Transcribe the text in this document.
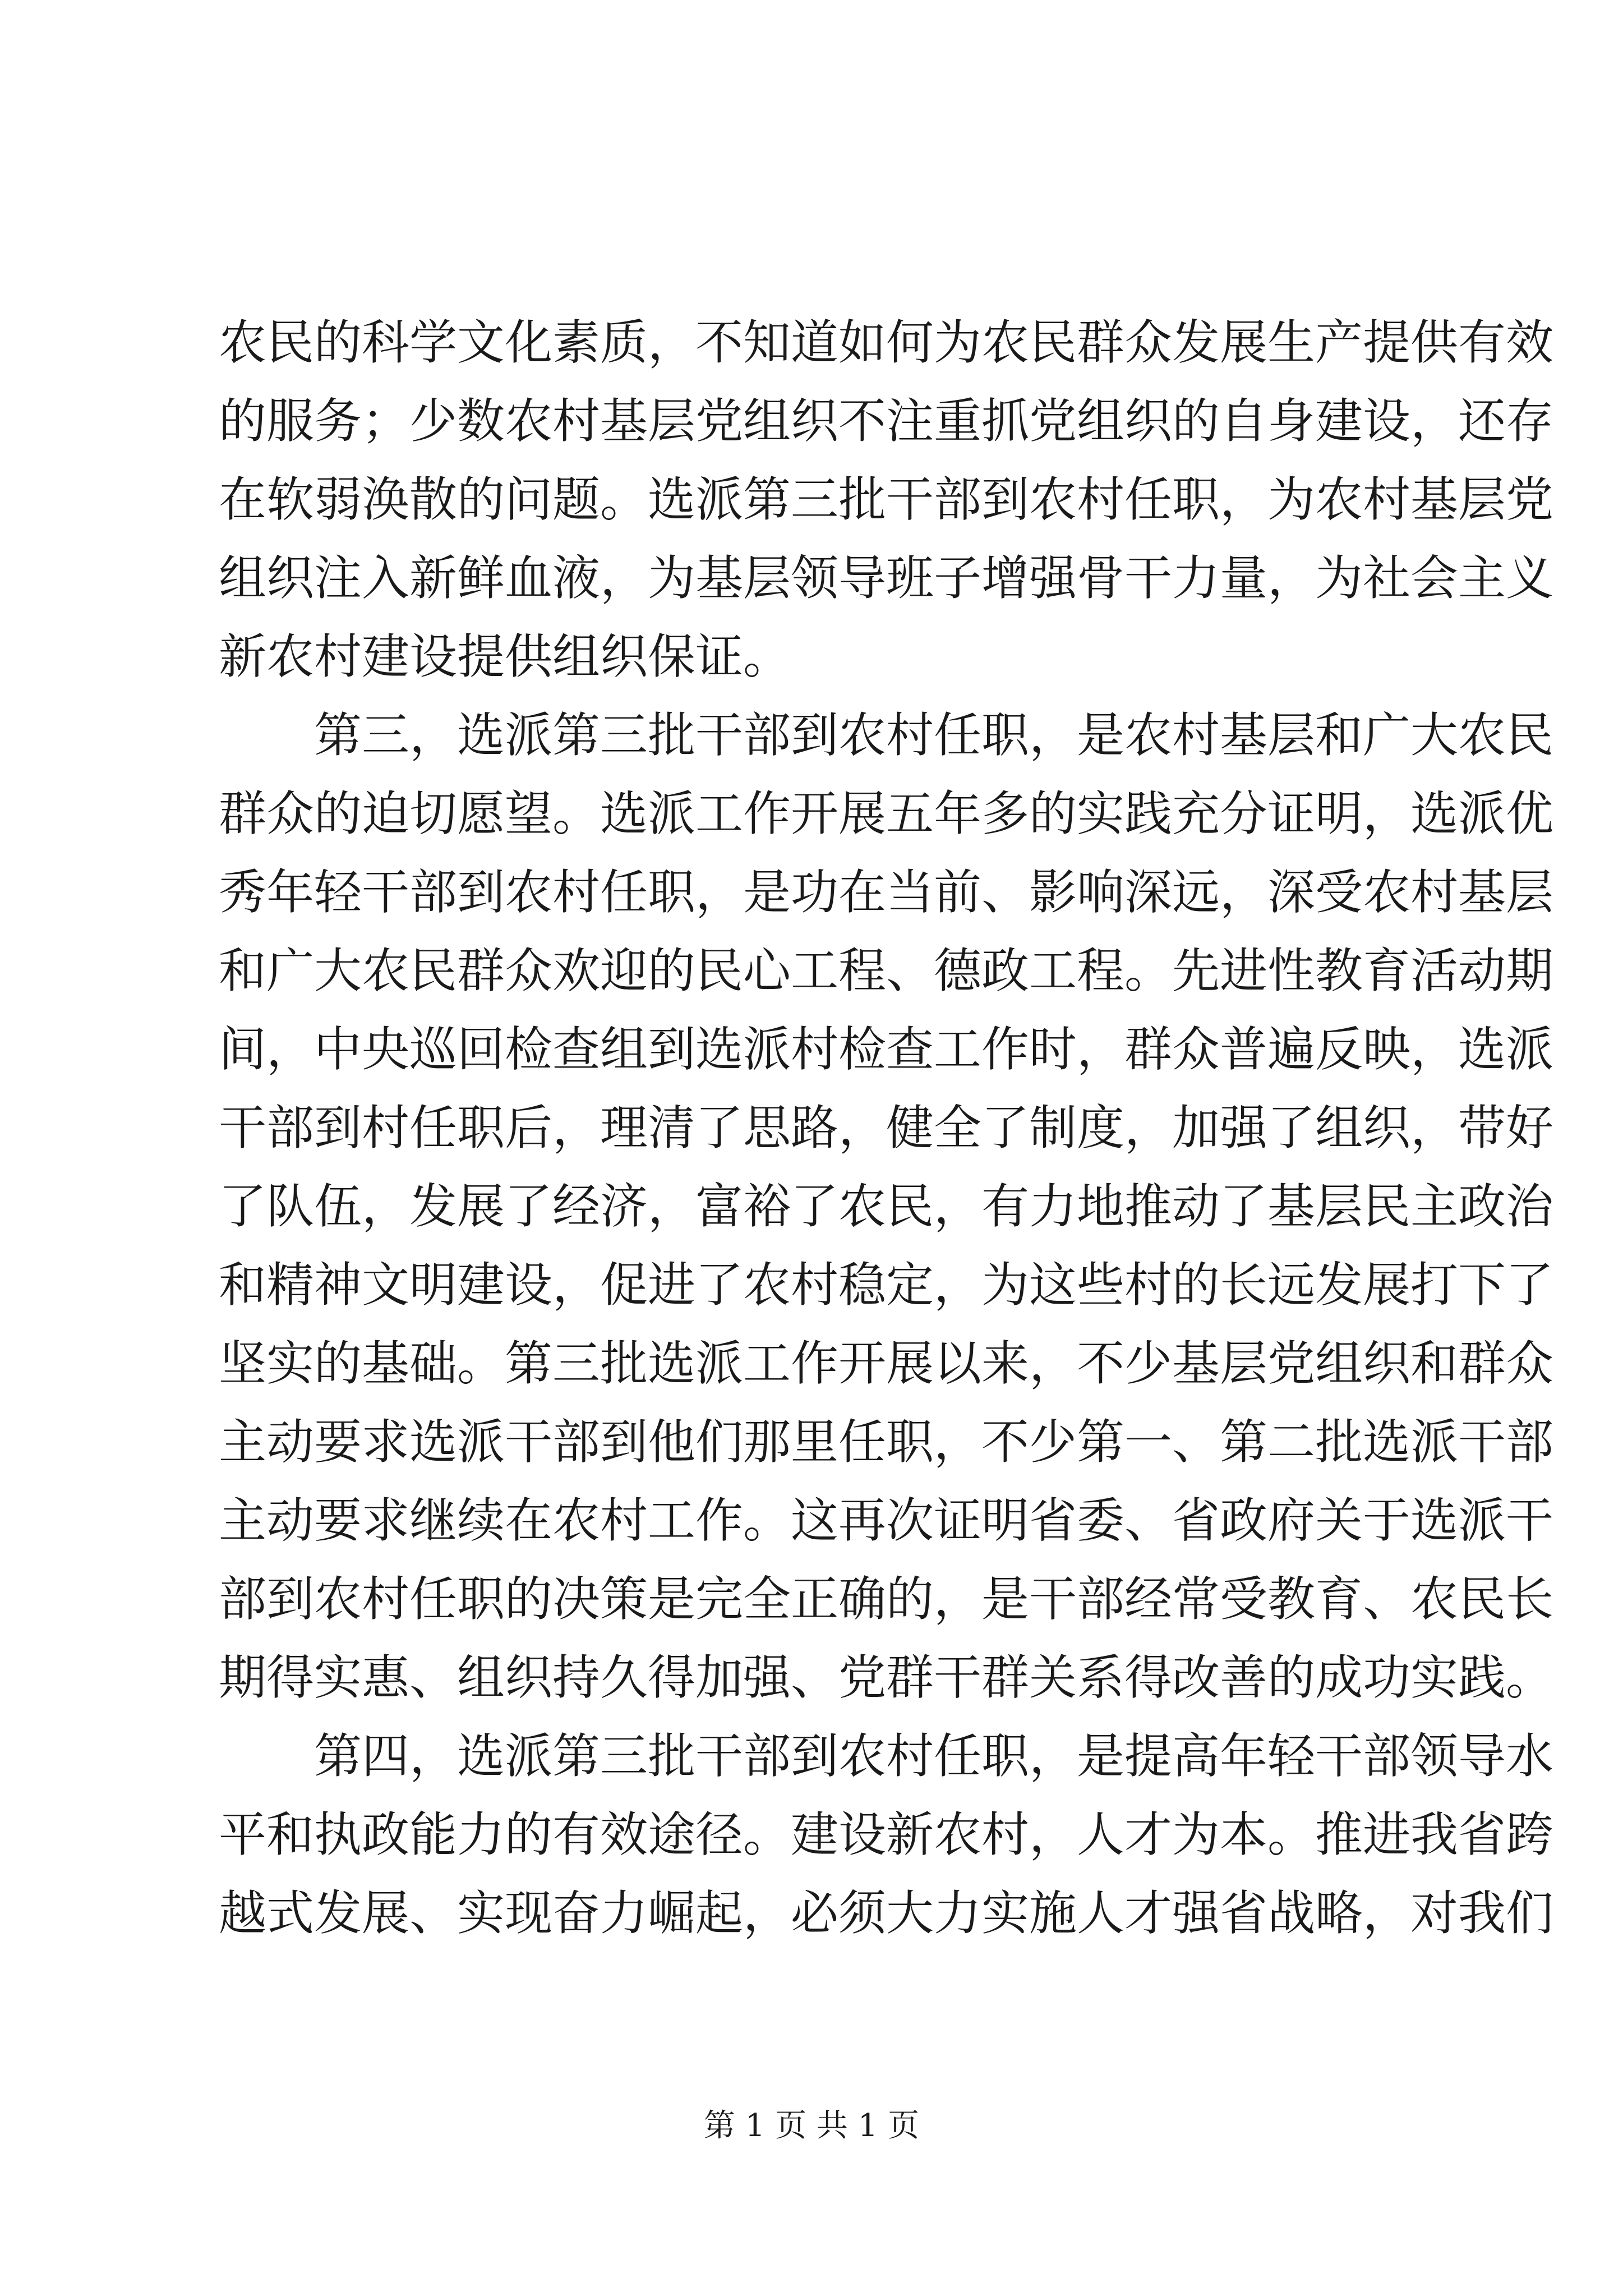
农民的科学文化素质，不知道如何为农民群众发展生产提供有效
的服务；少数农村基层党组织不注重抓党组织的自身建设，还存
在软弱涣散的问题。选派第三批干部到农村任职，为农村基层党
组织注入新鲜血液，为基层领导班子增强骨干力量，为社会主义
新农村建设提供组织保证。
第三，选派第三批干部到农村任职，是农村基层和广大农民
群众的迫切愿望。选派工作开展五年多的实践充分证明，选派优
秀年轻干部到农村任职，是功在当前、影响深远，深受农村基层
和广大农民群众欢迎的民心工程、德政工程。先进性教育活动期
间，中央巡回检查组到选派村检查工作时，群众普遍反映，选派
干部到村任职后，理清了思路，健全了制度，加强了组织，带好
了队伍，发展了经济，富裕了农民，有力地推动了基层民主政治
和精神文明建设，促进了农村稳定，为这些村的长远发展打下了
坚实的基础。第三批选派工作开展以来，不少基层党组织和群众
主动要求选派干部到他们那里任职，不少第一、第二批选派干部
主动要求继续在农村工作。这再次证明省委、省政府关于选派干
部到农村任职的决策是完全正确的，是干部经常受教育、农民长
期得实惠、组织持久得加强、党群干群关系得改善的成功实践。
第四，选派第三批干部到农村任职，是提高年轻干部领导水
平和执政能力的有效途径。建设新农村，人才为本。推进我省跨
越式发展、实现奋力崛起，必须大力实施人才强省战略，对我们
第 1 页 共 1 页
